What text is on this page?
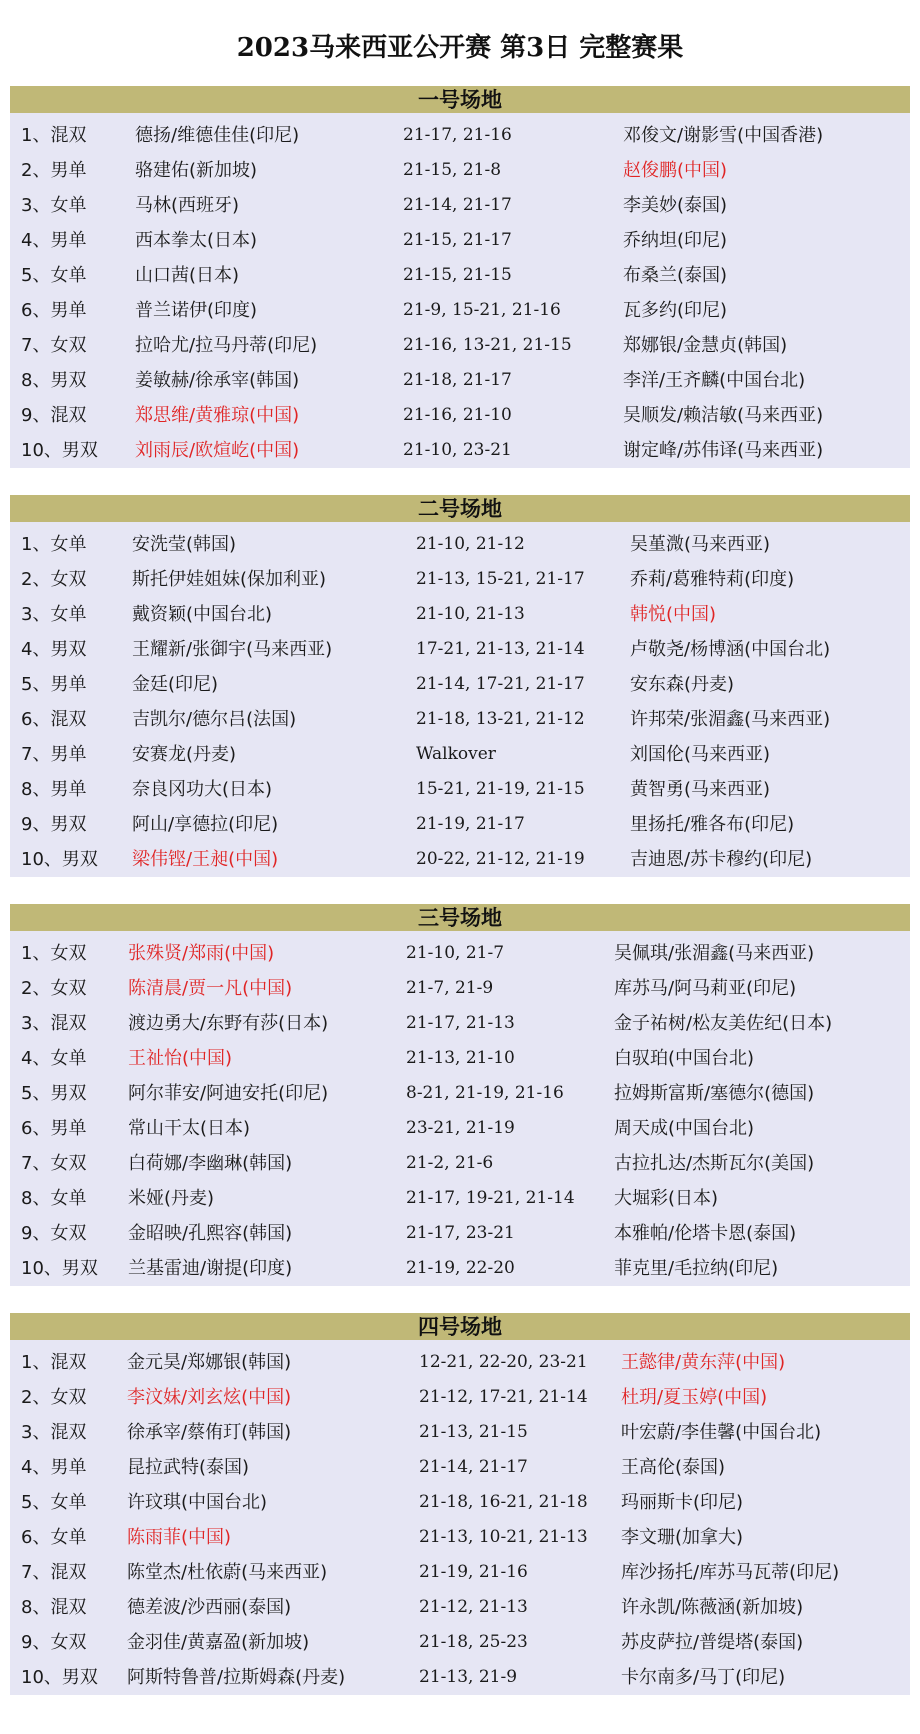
2023马来西亚公开赛 第3日 完整赛果
一号场地
1、混双	德扬/维德佳佳(印尼)	21-17, 21-16	邓俊文/谢影雪(中国香港)
2、男单	骆建佑(新加坡)	21-15, 21-8	赵俊鹏(中国)
3、女单	马林(西班牙)	21-14, 21-17	李美妙(泰国)
4、男单	西本拳太(日本)	21-15, 21-17	乔纳坦(印尼)
5、女单	山口茜(日本)	21-15, 21-15	布桑兰(泰国)
6、男单	普兰诺伊(印度)	21-9, 15-21, 21-16	瓦多约(印尼)
7、女双	拉哈尤/拉马丹蒂(印尼)	21-16, 13-21, 21-15	郑娜银/金慧贞(韩国)
8、男双	姜敏赫/徐承宰(韩国)	21-18, 21-17	李洋/王齐麟(中国台北)
9、混双	郑思维/黄雅琼(中国)	21-16, 21-10	吴顺发/赖洁敏(马来西亚)
10、男双 刘雨辰/欧煊屹(中国)	21-10, 23-21	谢定峰/苏伟译(马来西亚)
二号场地
1、女单	安洗莹(韩国)	21-10, 21-12	吴堇溦(马来西亚)
2、女双	斯托伊娃姐妹(保加利亚)	21-13, 15-21, 21-17	乔莉/葛雅特莉(印度)
3、女单	戴资颖(中国台北)	21-10, 21-13	韩悦(中国)
4、男双	王耀新/张御宇(马来西亚)	17-21, 21-13, 21-14	卢敬尧/杨博涵(中国台北)
5、男单	金廷(印尼)	21-14, 17-21, 21-17	安东森(丹麦)
6、混双	吉凯尔/德尔吕(法国)	21-18, 13-21, 21-12	许邦荣/张湄鑫(马来西亚)
7、男单	安赛龙(丹麦)	Walkover	刘国伦(马来西亚)
8、男单	奈良冈功大(日本)	15-21, 21-19, 21-15	黄智勇(马来西亚)
9、男双	阿山/享德拉(印尼)	21-19, 21-17	里扬托/雅各布(印尼)
10、男双 梁伟铿/王昶(中国)	20-22, 21-12, 21-19	吉迪恩/苏卡穆约(印尼)
三号场地
1、女双 张殊贤/郑雨(中国)	21-10, 21-7	吴佩琪/张湄鑫(马来西亚)
2、女双 陈清晨/贾一凡(中国)	21-7, 21-9	库苏马/阿马莉亚(印尼)
3、混双 渡边勇大/东野有莎(日本)	21-17, 21-13	金子祐树/松友美佐纪(日本)
4、女单 王祉怡(中国)	21-13, 21-10	白驭珀(中国台北)
5、男双 阿尔菲安/阿迪安托(印尼)	8-21, 21-19, 21-16	拉姆斯富斯/塞德尔(德国)
6、男单 常山干太(日本)	23-21, 21-19	周天成(中国台北)
7、女双 白荷娜/李幽琳(韩国)	21-2, 21-6	古拉扎达/杰斯瓦尔(美国)
8、女单 米娅(丹麦)	21-17, 19-21, 21-14 大堀彩(日本)
9、女双 金昭映/孔熙容(韩国)	21-17, 23-21	本雅帕/伦塔卡恩(泰国)
10、男双 兰基雷迪/谢提(印度)	21-19, 22-20	菲克里/毛拉纳(印尼)
四号场地
1、混双 金元昊/郑娜银(韩国)	12-21, 22-20, 23-21 王懿律/黄东萍(中国)
2、女双 李汶妹/刘玄炫(中国)	21-12, 17-21, 21-14 杜玥/夏玉婷(中国)
3、混双 徐承宰/蔡侑玎(韩国)	21-13, 21-15	叶宏蔚/李佳馨(中国台北)
4、男单 昆拉武特(泰国)	21-14, 21-17	王高伦(泰国)
5、女单 许玟琪(中国台北)	21-18, 16-21, 21-18 玛丽斯卡(印尼)
6、女单 陈雨菲(中国)	21-13, 10-21, 21-13 李文珊(加拿大)
7、混双 陈堂杰/杜依蔚(马来西亚)	21-19, 21-16	库沙扬托/库苏马瓦蒂(印尼)
8、混双 德差波/沙西丽(泰国)	21-12, 21-13	许永凯/陈薇涵(新加坡)
9、女双 金羽佳/黄嘉盈(新加坡)	21-18, 25-23	苏皮萨拉/普缇塔(泰国)
10、男双 阿斯特鲁普/拉斯姆森(丹麦)	21-13, 21-9	卡尔南多/马丁(印尼)
